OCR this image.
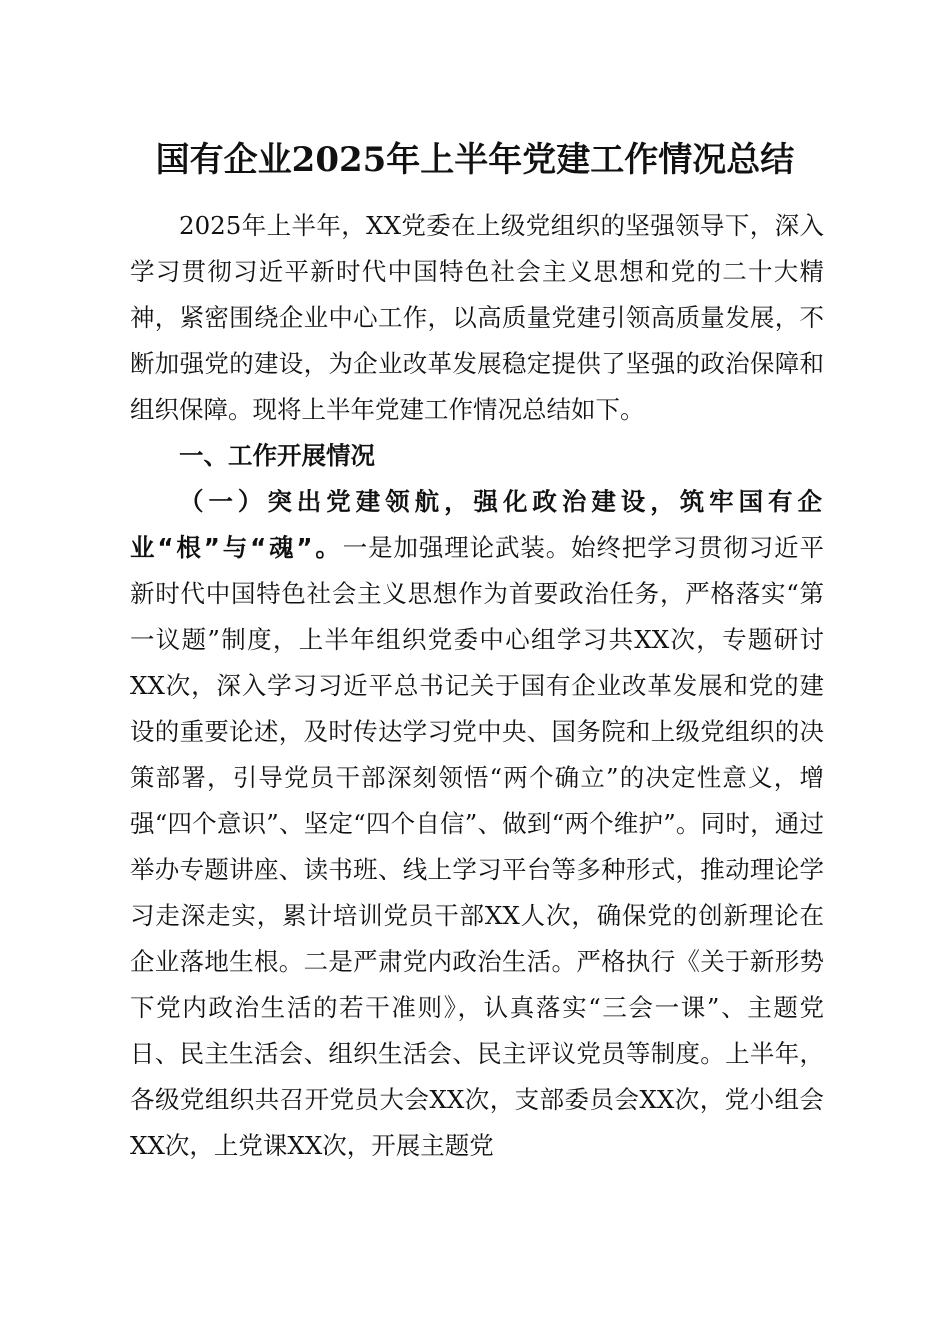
国有企业2025年上半年党建工作情况总结

2025年上半年，XX党委在上级党组织的坚强领导下，深入学习贯彻习近平新时代中国特色社会主义思想和党的二十大精神，紧密围绕企业中心工作，以高质量党建引领高质量发展，不断加强党的建设，为企业改革发展稳定提供了坚强的政治保障和组织保障。现将上半年党建工作情况总结如下。

一、工作开展情况

（一）突出党建领航，强化政治建设，筑牢国有企业“根”与“魂”。一是加强理论武装。始终把学习贯彻习近平新时代中国特色社会主义思想作为首要政治任务，严格落实“第一议题”制度，上半年组织党委中心组学习共XX次，专题研讨XX次，深入学习习近平总书记关于国有企业改革发展和党的建设的重要论述，及时传达学习党中央、国务院和上级党组织的决策部署，引导党员干部深刻领悟“两个确立”的决定性意义，增强“四个意识”、坚定“四个自信”、做到“两个维护”。同时，通过举办专题讲座、读书班、线上学习平台等多种形式，推动理论学习走深走实，累计培训党员干部XX人次，确保党的创新理论在企业落地生根。二是严肃党内政治生活。严格执行《关于新形势下党内政治生活的若干准则》，认真落实“三会一课”、主题党日、民主生活会、组织生活会、民主评议党员等制度。上半年，各级党组织共召开党员大会XX次，支部委员会XX次，党小组会XX次，上党课XX次，开展主题党
